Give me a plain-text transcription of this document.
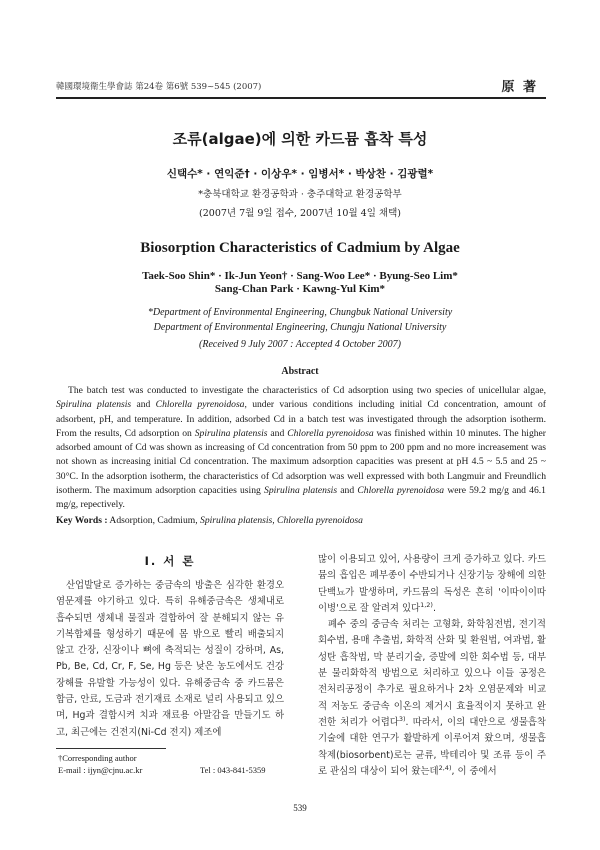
韓國環境衛生學會誌 第24卷 第6號 539~545 (2007)	原 著
조류(algae)에 의한 카드뮴 흡착 특성
신택수* · 연익준† · 이상우* · 임병서* · 박상찬 · 김광렬*
*충북대학교 환경공학과 · 충주대학교 환경공학부
(2007년 7월 9일 접수, 2007년 10월 4일 채택)
Biosorption Characteristics of Cadmium by Algae
Taek-Soo Shin* · Ik-Jun Yeon† · Sang-Woo Lee* · Byung-Seo Lim*
Sang-Chan Park · Kawng-Yul Kim*
*Department of Environmental Engineering, Chungbuk National University
Department of Environmental Engineering, Chungju National University
(Received 9 July 2007 : Accepted 4 October 2007)
Abstract

The batch test was conducted to investigate the characteristics of Cd adsorption using two species of unicellular algae, Spirulina platensis and Chlorella pyrenoidosa, under various conditions including initial Cd concentration, amount of adsorbent, pH, and temperature. In addition, adsorbed Cd in a batch test was investigated through the adsorption isotherm. From the results, Cd adsorption on Spirulina platensis and Chlorella pyrenoidosa was finished within 10 minutes. The higher adsorbed amount of Cd was shown as increasing of Cd concentration from 50 ppm to 200 ppm and no more increasement was not shown as increasing initial Cd concentration. The maximum adsorption capacities was present at pH 4.5 ~ 5.5 and 25 ~ 30°C. In the adsorption isotherm, the characteristics of Cd adsorption was well expressed with both Langmuir and Freundlich isotherm. The maximum adsorption capacities using Spirulina platensis and Chlorella pyrenoidosa were 59.2 mg/g and 46.1 mg/g, repectively.

Key Words : Adsorption, Cadmium, Spirulina platensis, Chlorella pyrenoidosa
I. 서 론

산업발달로 증가하는 중금속의 방출은 심각한 환경오염문제를 야기하고 있다. 특히 유해중금속은 생체내로 흡수되면 생체내 물질과 결합하여 잘 분해되지 않는 유기복합체를 형성하기 때문에 몸 밖으로 빨리 배출되지 않고 간장, 신장이나 뼈에 축적되는 성질이 강하며, As, Pb, Be, Cd, Cr, F, Se, Hg 등은 낮은 농도에서도 건강장해를 유발할 가능성이 있다. 유해중금속 중 카드뮴은 합금, 안료, 도금과 전기재료 소재로 널리 사용되고 있으며, Hg과 결합시켜 치과 재료용 아말감을 만들기도 하고, 최근에는 건전지(Ni-Cd 전지) 제조에

많이 이용되고 있어, 사용량이 크게 증가하고 있다. 카드뮴의 흡입은 폐부종이 수반되거나 신장기능 장해에 의한 단백뇨가 발생하며, 카드뮴의 독성은 흔히 '이따이이따이병'으로 잘 알려져 있다$^{1,2)}$.

폐수 중의 중금속 처리는 고형화, 화학침전법, 전기적 회수법, 용매 추출법, 화학적 산화 및 환원법, 여과법, 활성탄 흡착법, 막 분리기술, 증발에 의한 회수법 등, 대부분 물리화학적 방법으로 처리하고 있으나 이들 공정은 전처리공정이 추가로 필요하거나 2차 오염문제와 비교적 저농도 중금속 이온의 제거시 효율적이지 못하고 완전한 처리가 어렵다$^{3)}$. 따라서, 이의 대안으로 생물흡착기술에 대한 연구가 활발하게 이루어져 왔으며, 생물흡착제(biosorbent)로는 균류, 박테리아 및 조류 등이 주로 관심의 대상이 되어 왔는데$^{2,4)}$, 이 중에서

†Corresponding author
E-mail : ijyn@cjnu.ac.kr	Tel : 043-841-5359
539
